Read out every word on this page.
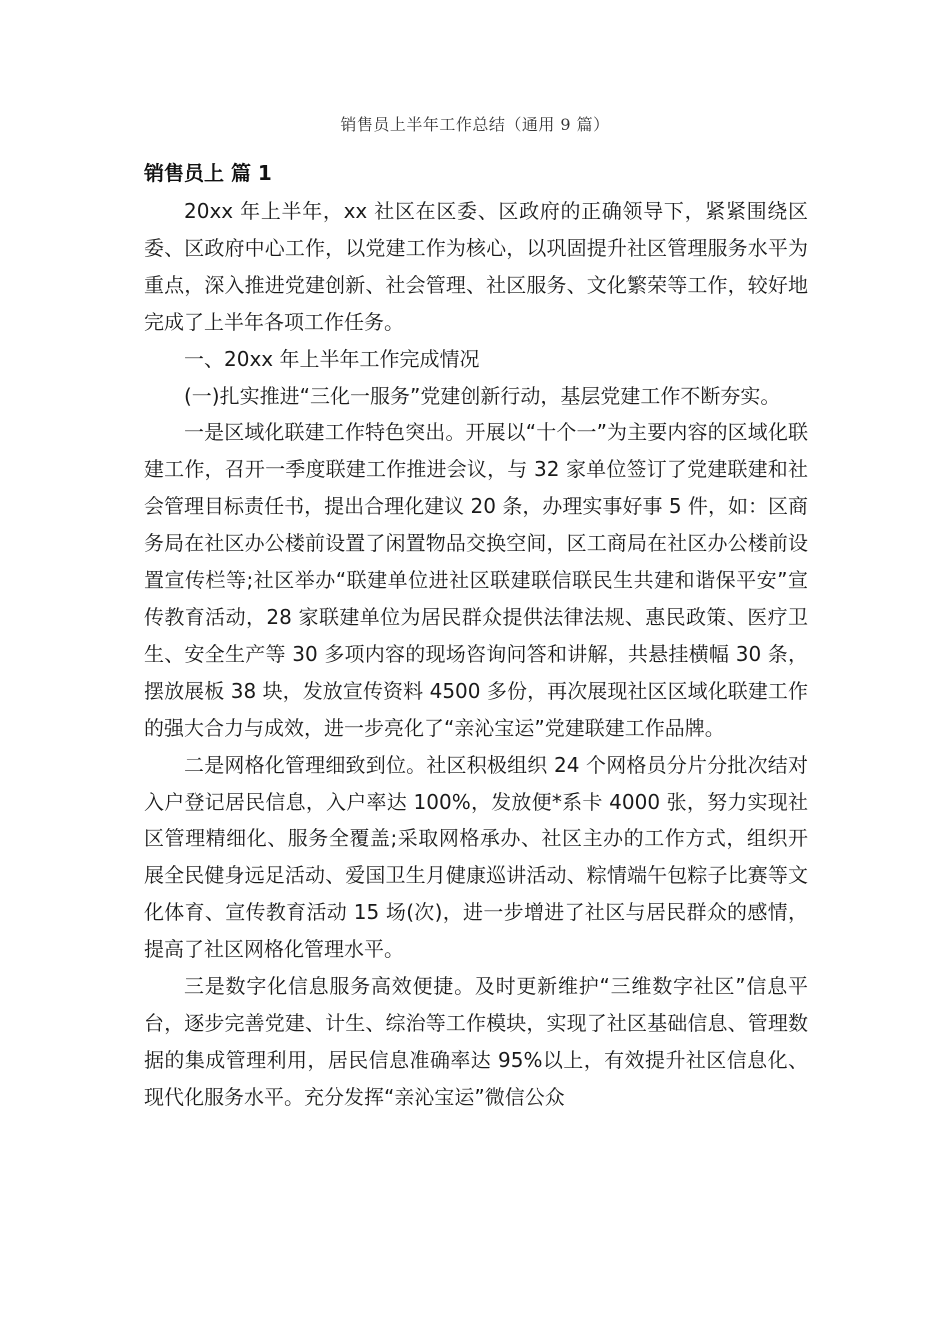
销售员上半年工作总结（通用 9 篇）
销售员上 篇 1

20xx 年上半年，xx 社区在区委、区政府的正确领导下，紧紧围绕区委、区政府中心工作，以党建工作为核心，以巩固提升社区管理服务水平为重点，深入推进党建创新、社会管理、社区服务、文化繁荣等工作，较好地完成了上半年各项工作任务。

一、20xx 年上半年工作完成情况

(一)扎实推进“三化一服务”党建创新行动，基层党建工作不断夯实。

一是区域化联建工作特色突出。开展以“十个一”为主要内容的区域化联建工作，召开一季度联建工作推进会议，与 32 家单位签订了党建联建和社会管理目标责任书，提出合理化建议 20 条，办理实事好事 5 件，如：区商务局在社区办公楼前设置了闲置物品交换空间，区工商局在社区办公楼前设置宣传栏等;社区举办“联建单位进社区联建联信联民生共建和谐保平安”宣传教育活动，28 家联建单位为居民群众提供法律法规、惠民政策、医疗卫生、安全生产等 30 多项内容的现场咨询问答和讲解，共悬挂横幅 30 条，摆放展板 38 块，发放宣传资料 4500 多份，再次展现社区区域化联建工作的强大合力与成效，进一步亮化了“亲沁宝运”党建联建工作品牌。

二是网格化管理细致到位。社区积极组织 24 个网格员分片分批次结对入户登记居民信息，入户率达 100%，发放便*系卡 4000 张，努力实现社区管理精细化、服务全覆盖;采取网格承办、社区主办的工作方式，组织开展全民健身远足活动、爱国卫生月健康巡讲活动、粽情端午包粽子比赛等文化体育、宣传教育活动 15 场(次)，进一步增进了社区与居民群众的感情，提高了社区网格化管理水平。

三是数字化信息服务高效便捷。及时更新维护“三维数字社区”信息平台，逐步完善党建、计生、综治等工作模块，实现了社区基础信息、管理数据的集成管理利用，居民信息准确率达 95%以上，有效提升社区信息化、现代化服务水平。充分发挥“亲沁宝运”微信公众
